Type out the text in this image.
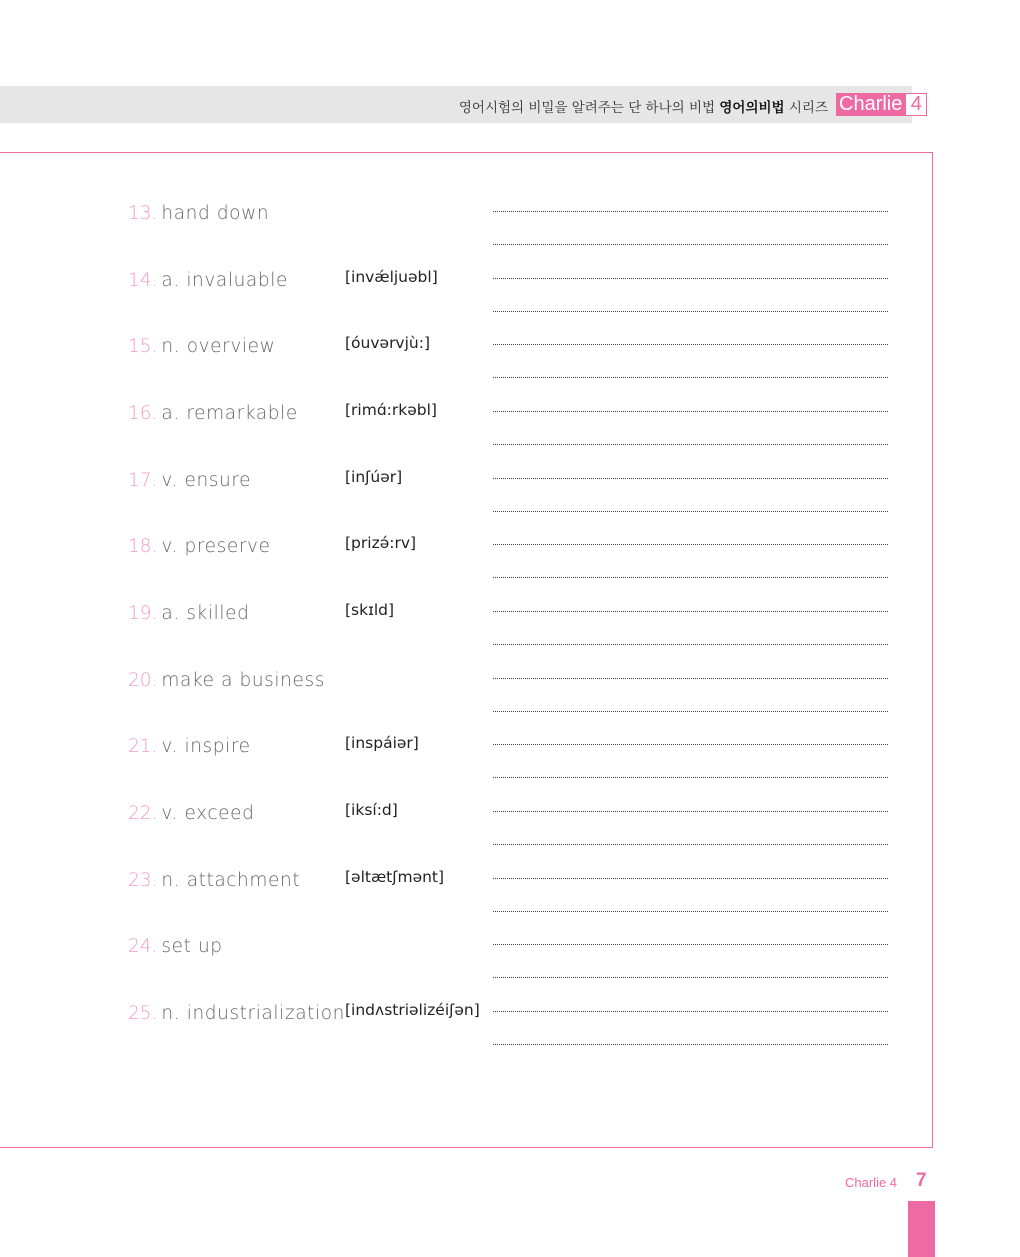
영어시험의 비밀을 알려주는 단 하나의 비법 영어의비법 시리즈 Charlie 4
13. hand down
14. a. invaluable	[invǽljuəbl]
15. n. overview	[óuvərvjù:]
16. a. remarkable	[rimɑ́:rkəbl]
17. v. ensure	[inʃúər]
18. v. preserve	[prizə́:rv]
19. a. skilled	[skɪld]
20. make a business
21. v. inspire	[inspáiər]
22. v. exceed	[iksí:d]
23. n. attachment	[əltætʃmənt]
24. set up
25. n. industrialization [indʌstriəlizéiʃən]
Charlie 4 7
